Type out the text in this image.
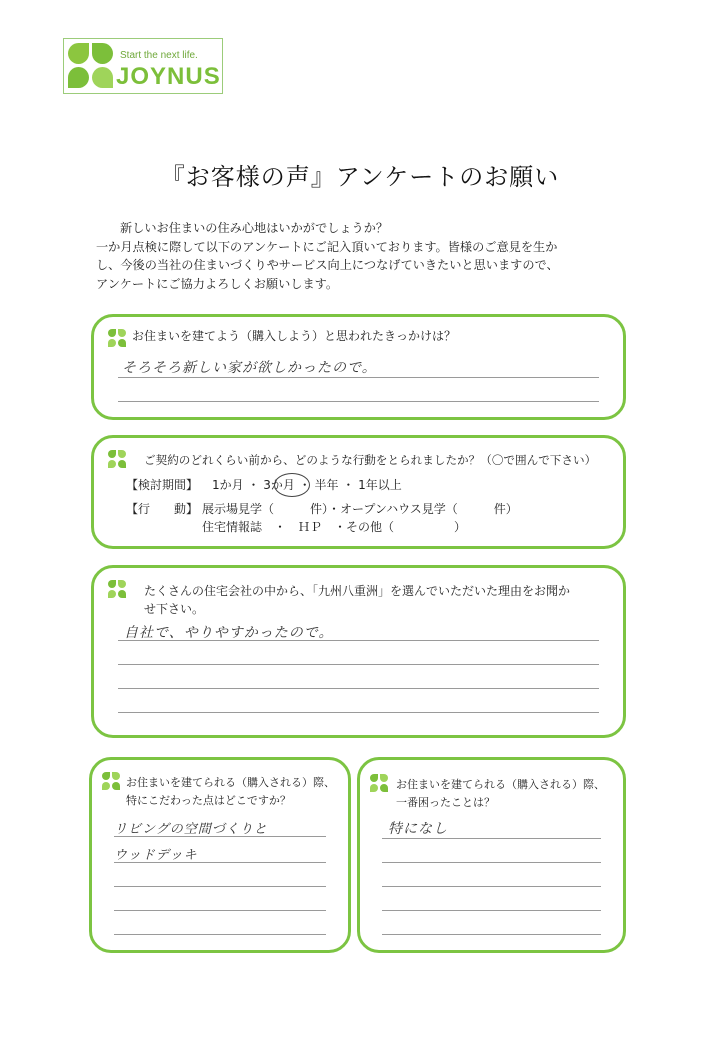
Start the next life.
JOYNUS
『お客様の声』アンケートのお願い

新しいお住まいの住み心地はいかがでしょうか？

一か月点検に際して以下のアンケートにご記入頂いております。皆様のご意見を生か

し、今後の当社の住まいづくりやサービス向上につなげていきたいと思いますので、

アンケートにご協力よろしくお願いします。

お住まいを建てよう（購入しよう）と思われたきっかけは？
そろそろ新しい家が欲しかったので。
ご契約のどれくらい前から、どのような行動をとられましたか？（〇で囲んで下さい）
【検討期間】 1か月 ・ 3か月 ・ 半年 ・ 1年以上
【行　　動】 展示場見学（　　　件）・オープンハウス見学（　　　件）
住宅情報誌　・　ＨＰ　・その他（　　　　　）
たくさんの住宅会社の中から、「九州八重洲」を選んでいただいた理由をお聞か
せ下さい。
自社で、やりやすかったので。
お住まいを建てられる（購入される）際、
特にこだわった点はどこですか？
リビングの空間づくりと
ウッドデッキ
お住まいを建てられる（購入される）際、
一番困ったことは？
特になし
